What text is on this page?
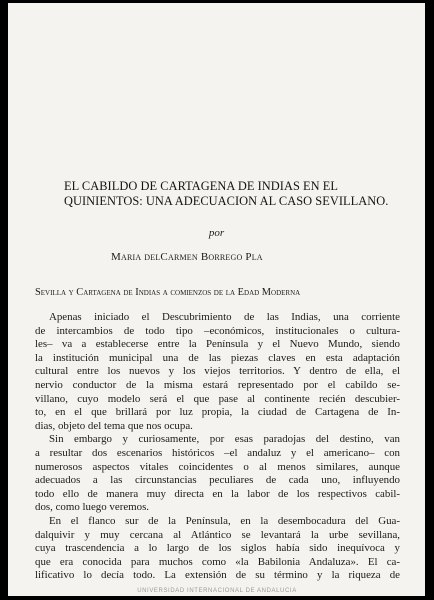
EL CABILDO DE CARTAGENA DE INDIAS EN EL
QUINIENTOS: UNA ADECUACION AL CASO SEVILLANO.
por
Maria delCarmen Borrego Pla
Sevilla y Cartagena de Indias a comienzos de la Edad Moderna
Apenas iniciado el Descubrimiento de las Indias, una corriente
de intercambios de todo tipo –económicos, institucionales o cultura-
les– va a establecerse entre la Península y el Nuevo Mundo, siendo
la institución municipal una de las piezas claves en esta adaptación
cultural entre los nuevos y los viejos territorios. Y dentro de ella, el
nervio conductor de la misma estará representado por el cabildo se-
villano, cuyo modelo será el que pase al continente recién descubier-
to, en el que brillará por luz propia, la ciudad de Cartagena de In-
dias, objeto del tema que nos ocupa.
Sin embargo y curiosamente, por esas paradojas del destino, van
a resultar dos escenarios históricos –el andaluz y el americano– con
numerosos aspectos vitales coincidentes o al menos similares, aunque
adecuados a las circunstancias peculiares de cada uno, influyendo
todo ello de manera muy directa en la labor de los respectivos cabil-
dos, como luego veremos.
En el flanco sur de la Península, en la desembocadura del Gua-
dalquivir y muy cercana al Atlántico se levantará la urbe sevillana,
cuya trascendencia a lo largo de los siglos había sido inequívoca y
que era conocida para muchos como «la Babilonia Andaluza». El ca-
lificativo lo decía todo. La extensión de su término y la riqueza de
UNIVERSIDAD INTERNACIONAL DE ANDALUCIA
